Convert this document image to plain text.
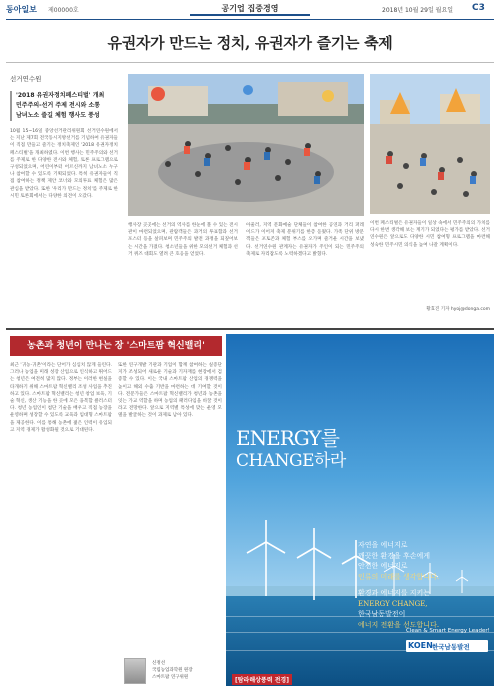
동아일보 제00000호	공기업 집중경영	2018년 10월 29일 월요일 C3
유권자가 만드는 정치, 유권자가 즐기는 축제
선거연수원
'2018 유권자정치페스티벌' 개최
민주주의-선거 주제 전시와 소통
남녀노소 즐길 체험 행사도 풍성
10월 15~16일 중앙선거관리위원회 선거연수원에서는 지난 제7회 전국동시지방선거를 기념하여 유권자들이 직접 만들고 즐기는 정치축제인 '2018 유권자정치페스티벌'을 개최하였다. 이번 행사는 민주주의와 선거를 주제로 한 다양한 전시와 체험, 토론 프로그램으로 구성되었으며, 어린이부터 어르신까지 남녀노소 누구나 참여할 수 있도록 기획되었다. 특히 유권자들이 직접 참여하는 정책 제안 코너와 모의투표 체험은 많은 관심을 받았다. 또한 '우리가 만드는 정치'를 주제로 한 시민 토론회에서는 다양한 의견이 오갔다.
행사장 곳곳에는 선거의 역사를 한눈에 볼 수 있는 전시관이 마련되었으며, 관람객들은 과거의 투표함과 선거 포스터 등을 살펴보며 민주주의 발전 과정을 되짚어보는 시간을 가졌다. 청소년들을 위한 모의선거 체험과 선거 퀴즈 대회도 열려 큰 호응을 얻었다.
아울러, 지역 문화예술 단체들이 참여한 공연과 거리 퍼레이드가 이어져 축제 분위기를 한층 돋웠다. 가족 단위 방문객들은 포토존과 체험 부스를 오가며 즐거운 시간을 보냈다. 선거연수원 관계자는 유권자가 주인이 되는 민주주의 축제로 자리잡도록 노력하겠다고 밝혔다.
이번 페스티벌은 유권자들이 일상 속에서 민주주의의 가치를 다시 한번 생각해 보는 계기가 되었다는 평가를 받았다. 선거연수원은 앞으로도 다양한 시민 참여형 프로그램을 마련해 성숙한 민주시민 의식을 높여 나갈 계획이다.
황효진 기자 hyoj@donga.com
농촌과 청년이 만나는 장 '스마트팜 혁신밸리'
최근 '귀농·귀촌'이라는 단어가 심심치 않게 들린다. 그러나 농업을 미래 성장 산업으로 인식하고 뛰어드는 청년은 여전히 많지 않다. 정부는 이러한 현실을 타개하기 위해 스마트팜 혁신밸리 조성 사업을 추진하고 있다. 스마트팜 혁신밸리는 청년 창업 보육, 기술 혁신, 생산 기능을 한 곳에 모은 융복합 클러스터다. 청년 농업인이 첨단 기술을 배우고 직접 농장을 운영하며 성장할 수 있도록 교육과 임대형 스마트팜을 제공한다. 이를 통해 농촌에 젊은 인력이 유입되고 지역 경제가 활성화될 것으로 기대된다.
또한 연구개발 기관과 기업이 함께 참여하는 실증단지가 조성되어 새로운 기술과 기자재를 현장에서 검증할 수 있다. 이는 국내 스마트팜 산업의 경쟁력을 높이고 해외 수출 기반을 마련하는 데 기여할 것이다. 전문가들은 스마트팜 혁신밸리가 청년과 농촌을 잇는 가교 역할을 하며 농업의 패러다임을 바꿀 것이라고 전망한다. 앞으로 지역별 특성에 맞는 운영 모델을 발굴하는 것이 과제로 남아 있다.
신정선
국립농업과학원 원장
스마트팜 연구위원
ENERGY를
CHANGE하라
자연을 에너지로
깨끗한 환경을 후손에게
안전한 에너지로
인류의 미래를 생각합니다.
환경과 에너지를 지키는
ENERGY CHANGE,
한국남동발전이
에너지 전환을 선도합니다.
Clean & Smart Energy Leader!
KOEN 한국남동발전
[탐라해상풍력 전경]
